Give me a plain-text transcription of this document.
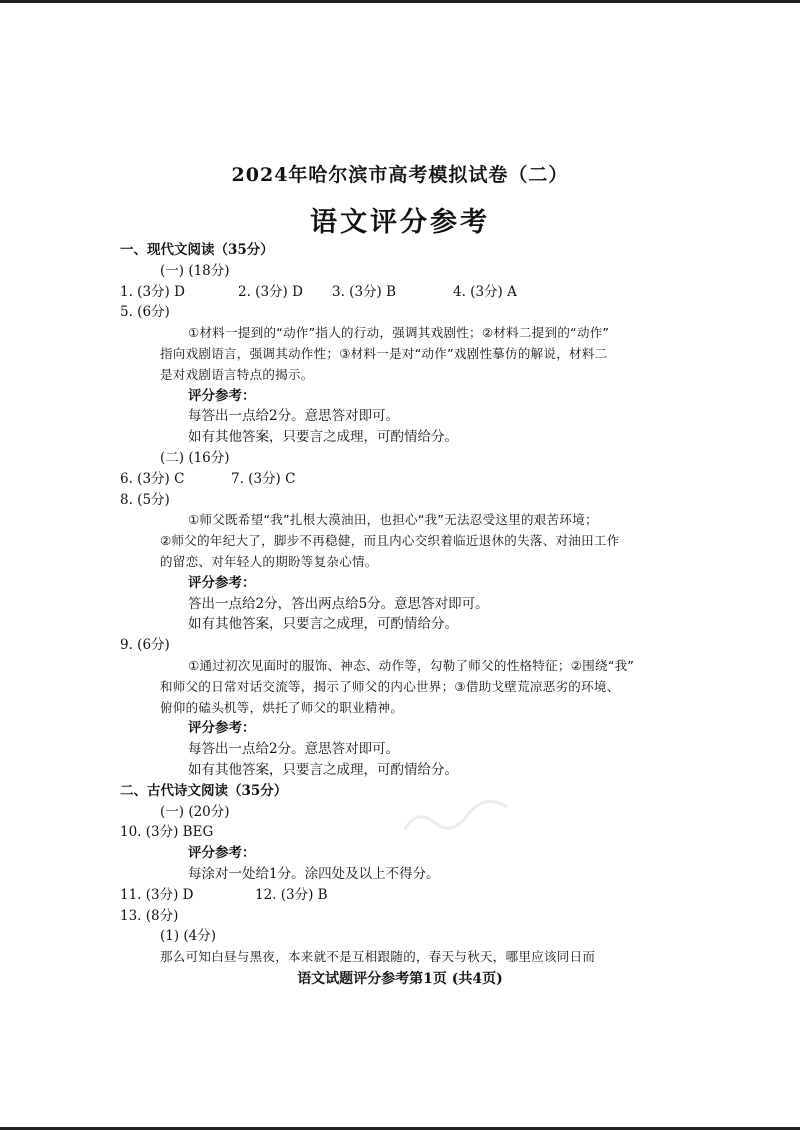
2024年哈尔滨市高考模拟试卷（二）
语文评分参考
一、现代文阅读（35分）
(一) (18分)
1. (3分) D	2. (3分) D 3. (3分) B	4. (3分) A
5. (6分)
①材料一提到的“动作”指人的行动，强调其戏剧性；②材料二提到的“动作”
指向戏剧语言，强调其动作性；③材料一是对“动作”戏剧性摹仿的解说，材料二
是对戏剧语言特点的揭示。
评分参考：
每答出一点给2分。意思答对即可。
如有其他答案，只要言之成理，可酌情给分。
(二) (16分)
6. (3分) C	7. (3分) C
8. (5分)
①师父既希望“我”扎根大漠油田，也担心“我”无法忍受这里的艰苦环境；
②师父的年纪大了，脚步不再稳健，而且内心交织着临近退休的失落、对油田工作
的留恋、对年轻人的期盼等复杂心情。
评分参考：
答出一点给2分，答出两点给5分。意思答对即可。
如有其他答案，只要言之成理，可酌情给分。
9. (6分)
①通过初次见面时的服饰、神态、动作等，勾勒了师父的性格特征；②围绕“我”
和师父的日常对话交流等，揭示了师父的内心世界；③借助戈壁荒凉恶劣的环境、
俯仰的磕头机等，烘托了师父的职业精神。
评分参考：
每答出一点给2分。意思答对即可。
如有其他答案，只要言之成理，可酌情给分。
二、古代诗文阅读（35分）
(一) (20分)
10. (3分) BEG
评分参考：
每涂对一处给1分。涂四处及以上不得分。
11. (3分) D	12. (3分) B
13. (8分)
(1) (4分)
那么可知白昼与黑夜，本来就不是互相跟随的，春天与秋天，哪里应该同日而
语文试题评分参考第1页 (共4页)
